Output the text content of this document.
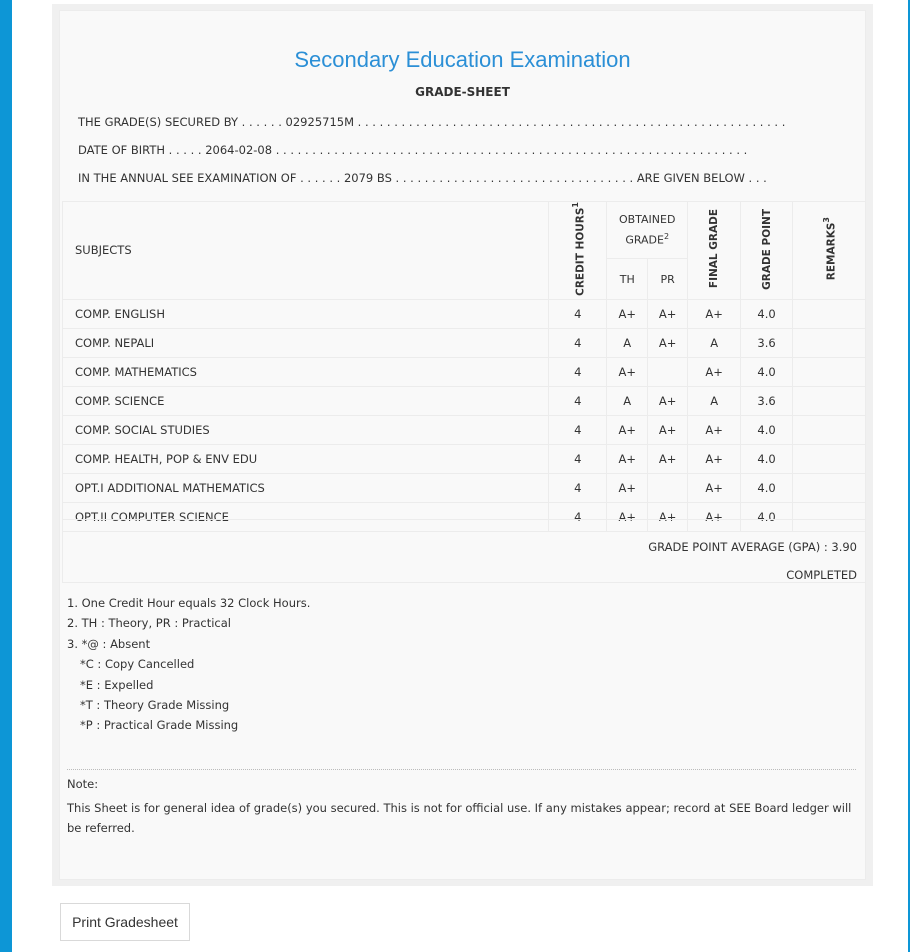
Secondary Education Examination
GRADE-SHEET
THE GRADE(S) SECURED BY . . . . . . 02925715M . . . . . . . . . . . . . . . . . . . . . . . . . . . . . . . . . . . . . . . . . . . . . . . . . . . . . . . . . . .
DATE OF BIRTH . . . . . 2064-02-08 . . . . . . . . . . . . . . . . . . . . . . . . . . . . . . . . . . . . . . . . . . . . . . . . . . . . . . . . . . . . . . . . .
IN THE ANNUAL SEE EXAMINATION OF . . . . . . 2079 BS . . . . . . . . . . . . . . . . . . . . . . . . . . . . . . . . . ARE GIVEN BELOW . . .
SUBJECTS	CREDIT HOURS$^1$	OBTAINED GRADE$^2$		FINAL GRADE	GRADE POINT	REMARKS$^3$
		TH	PR			
COMP. ENGLISH	4	A+	A+	A+	4.0	
COMP. NEPALI	4	A	A+	A	3.6	
COMP. MATHEMATICS	4	A+		A+	4.0	
COMP. SCIENCE	4	A	A+	A	3.6	
COMP. SOCIAL STUDIES	4	A+	A+	A+	4.0	
COMP. HEALTH, POP & ENV EDU	4	A+	A+	A+	4.0	
OPT.I ADDITIONAL MATHEMATICS	4	A+		A+	4.0	
OPT.II COMPUTER SCIENCE	4	A+	A+	A+	4.0	
GRADE POINT AVERAGE (GPA) : 3.90
COMPLETED
1. One Credit Hour equals 32 Clock Hours.
2. TH : Theory, PR : Practical
3. *@ : Absent
*C : Copy Cancelled
*E : Expelled
*T : Theory Grade Missing
*P : Practical Grade Missing
Note:
This Sheet is for general idea of grade(s) you secured. This is not for official use. If any mistakes appear; record at SEE Board ledger will be referred.
Print Gradesheet
